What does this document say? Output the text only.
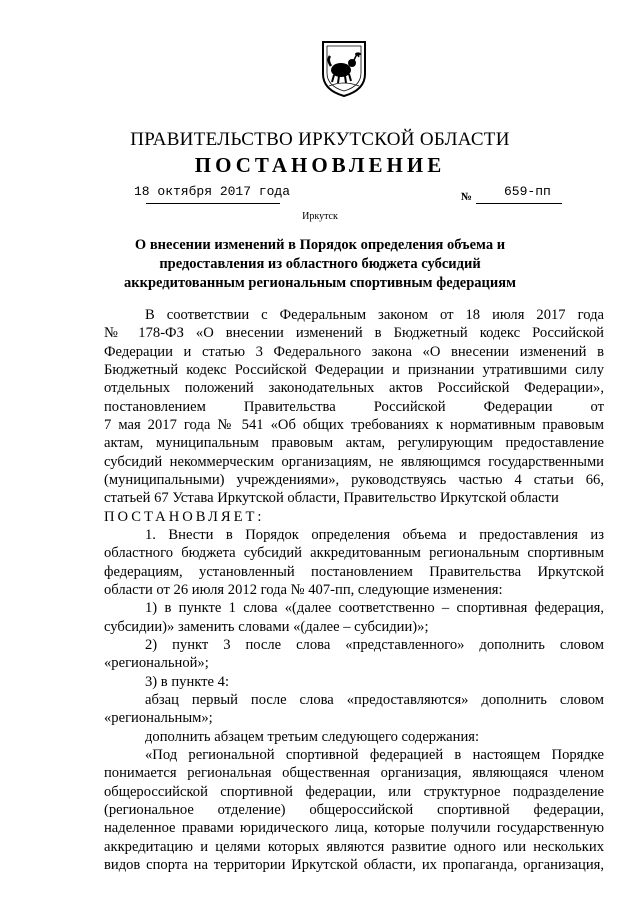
ПРАВИТЕЛЬСТВО ИРКУТСКОЙ ОБЛАСТИ
ПОСТАНОВЛЕНИЕ
18 октября 2017 года	№ 659-пп
Иркутск
О внесении изменений в Порядок определения объема и предоставления из областного бюджета субсидий аккредитованным региональным спортивным федерациям
В соответствии с Федеральным законом от 18 июля 2017 года
№ 178-ФЗ «О внесении изменений в Бюджетный кодекс Российской
Федерации и статью 3 Федерального закона «О внесении изменений в
Бюджетный кодекс Российской Федерации и признании утратившими силу
отдельных положений законодательных актов Российской Федерации»,
постановлением Правительства Российской Федерации от
7 мая 2017 года № 541 «Об общих требованиях к нормативным правовым
актам, муниципальным правовым актам, регулирующим предоставление
субсидий некоммерческим организациям, не являющимся государственными
(муниципальными) учреждениями», руководствуясь частью 4 статьи 66,
статьей 67 Устава Иркутской области, Правительство Иркутской области
ПОСТАНОВЛЯЕТ:
1. Внести в Порядок определения объема и предоставления из
областного бюджета субсидий аккредитованным региональным спортивным
федерациям, установленный постановлением Правительства Иркутской
области от 26 июля 2012 года № 407-пп, следующие изменения:
1) в пункте 1 слова «(далее соответственно – спортивная федерация,
субсидии)» заменить словами «(далее – субсидии)»;
2) пункт 3 после слова «представленного» дополнить словом
«региональной»;
3) в пункте 4:
абзац первый после слова «предоставляются» дополнить словом
«региональным»;
дополнить абзацем третьим следующего содержания:
«Под региональной спортивной федерацией в настоящем Порядке
понимается региональная общественная организация, являющаяся членом
общероссийской спортивной федерации, или структурное подразделение
(региональное отделение) общероссийской спортивной федерации,
наделенное правами юридического лица, которые получили государственную
аккредитацию и целями которых являются развитие одного или нескольких
видов спорта на территории Иркутской области, их пропаганда, организация,
